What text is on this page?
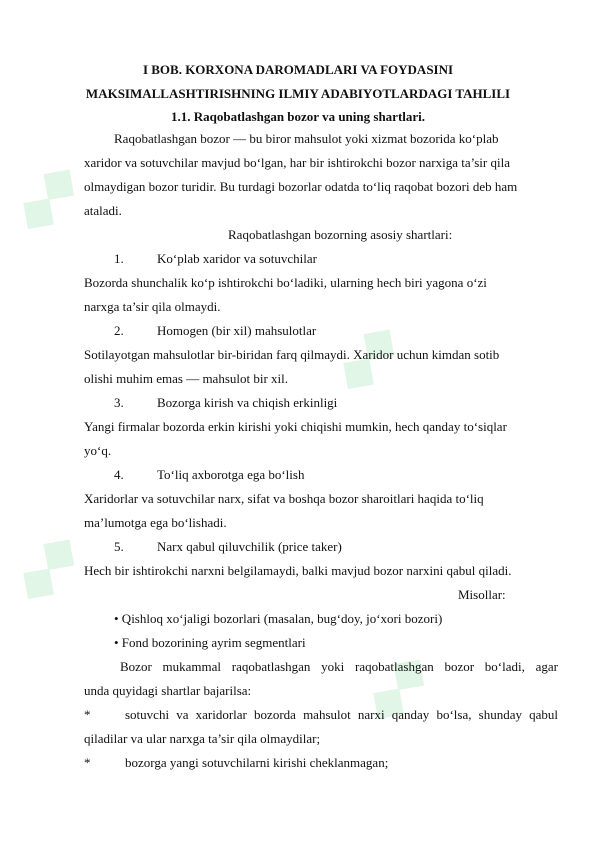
◆◆
◆◆
◆◆
◆◆
I BOB. KORXONA DAROMADLARI VA FOYDASINI
MAKSIMALLASHTIRISHNING ILMIY ADABIYOTLARDAGI TAHLILI
1.1. Raqobatlashgan bozor va uning shartlari.
Raqobatlashgan bozor — bu biror mahsulot yoki xizmat bozorida ko‘plab
xaridor va sotuvchilar mavjud bo‘lgan, har bir ishtirokchi bozor narxiga ta’sir qila
olmaydigan bozor turidir. Bu turdagi bozorlar odatda to‘liq raqobat bozori deb ham
ataladi.
Raqobatlashgan bozorning asosiy shartlari:
1.	Ko‘plab xaridor va sotuvchilar
Bozorda shunchalik ko‘p ishtirokchi bo‘ladiki, ularning hech biri yagona o‘zi
narxga ta’sir qila olmaydi.
2.	Homogen (bir xil) mahsulotlar
Sotilayotgan mahsulotlar bir-biridan farq qilmaydi. Xaridor uchun kimdan sotib
olishi muhim emas — mahsulot bir xil.
3.	Bozorga kirish va chiqish erkinligi
Yangi firmalar bozorda erkin kirishi yoki chiqishi mumkin, hech qanday to‘siqlar
yo‘q.
4.	To‘liq axborotga ega bo‘lish
Xaridorlar va sotuvchilar narx, sifat va boshqa bozor sharoitlari haqida to‘liq
ma’lumotga ega bo‘lishadi.
5.	Narx qabul qiluvchilik (price taker)
Hech bir ishtirokchi narxni belgilamaydi, balki mavjud bozor narxini qabul qiladi.
Misollar:
• Qishloq xo‘jaligi bozorlari (masalan, bug‘doy, jo‘xori bozori)
• Fond bozorining ayrim segmentlari
Bozor mukammal raqobatlashgan yoki raqobatlashgan bozor bo‘ladi, agar
unda quyidagi shartlar bajarilsa:
*	sotuvchi va xaridorlar bozorda mahsulot narxi qanday bo‘lsa, shunday qabul
qiladilar va ular narxga ta’sir qila olmaydilar;
*	bozorga yangi sotuvchilarni kirishi cheklanmagan;
